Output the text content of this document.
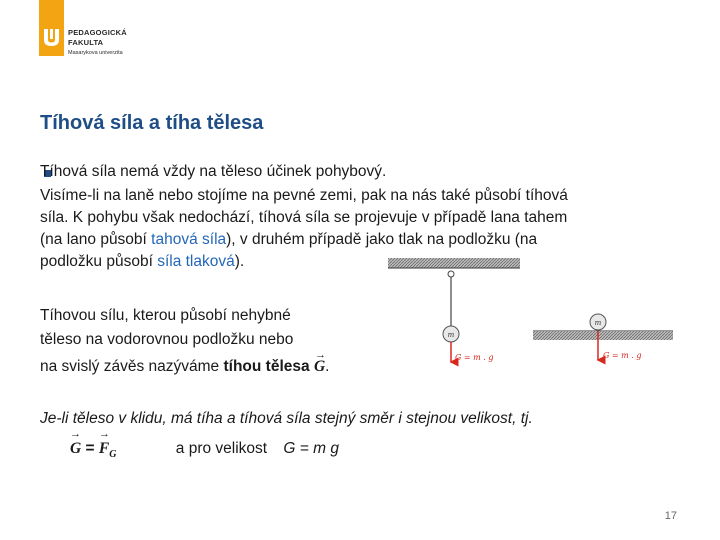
PEDAGOGICKÁ
FAKULTA
Masarykova univerzita
Tíhová síla a tíha tělesa
Tíhová síla nemá vždy na těleso účinek pohybový.
Visíme-li na laně nebo stojíme na pevné zemi, pak na nás také působí tíhová
síla. K pohybu však nedochází, tíhová síla se projevuje v případě lana tahem
(na lano působí tahová síla), v druhém případě jako tlak na podložku (na
podložku působí síla tlaková).
Tíhovou sílu, kterou působí nehybné
těleso na vodorovnou podložku nebo
na svislý závěs nazýváme tíhou tělesa → G.
m
G = m . g
m
G = m . g
Je-li těleso v klidu, má tíha a tíhová síla stejný směr i stejnou velikost, tj.
→ G = → $F_G$	a pro velikost G = m g
17
